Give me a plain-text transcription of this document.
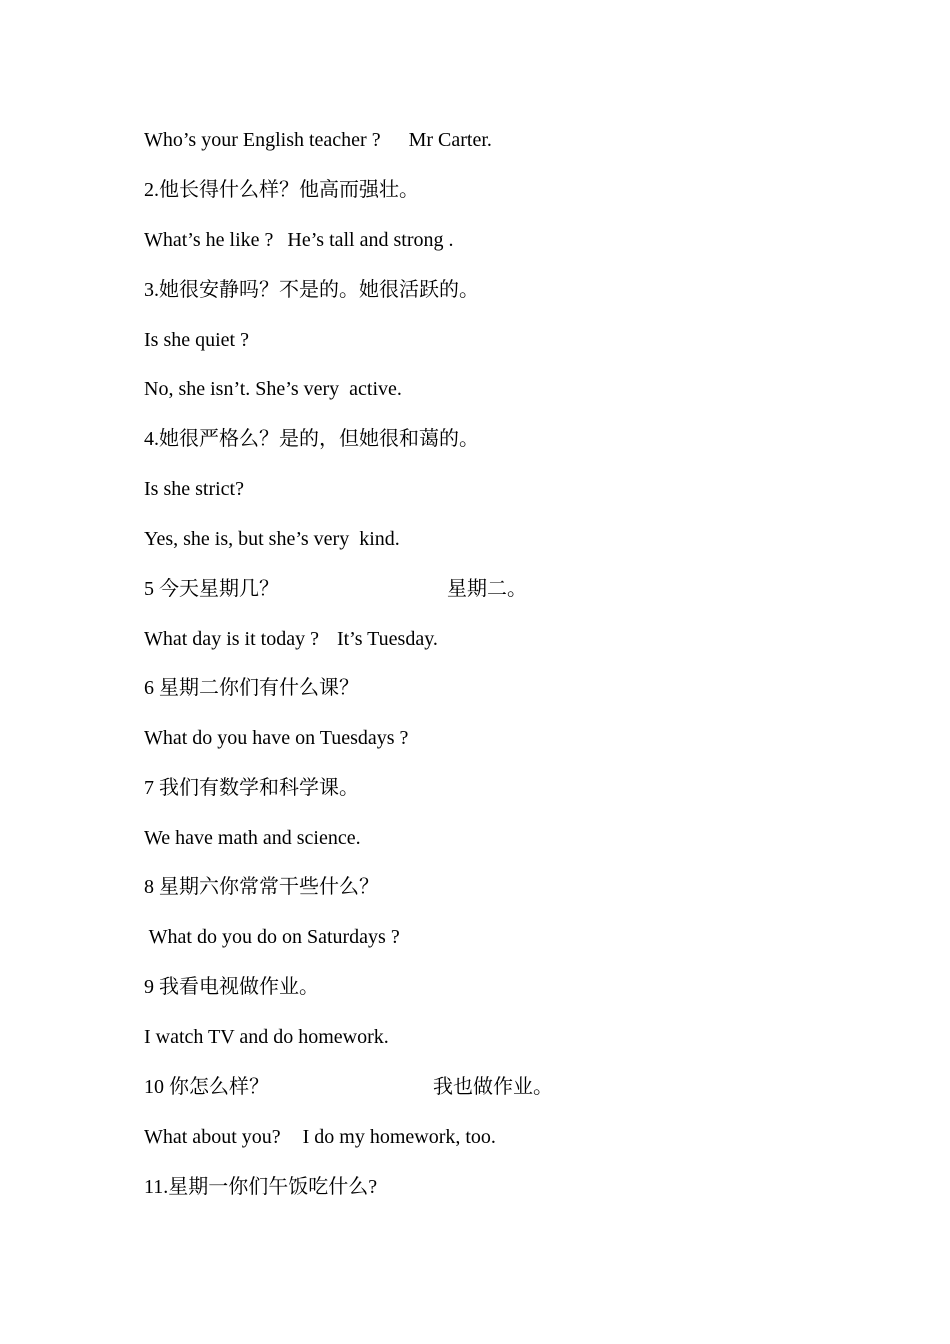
Who’s your English teacher ? Mr Carter.
2.他长得什么样？他高而强壮。
What’s he like ? He’s tall and strong .
3.她很安静吗？不是的。她很活跃的。
Is she quiet ?
No, she isn’t. She’s very  active.
4.她很严格么？是的，但她很和蔼的。
Is she strict?
Yes, she is, but she’s very  kind.
5 今天星期几？	星期二。
What day is it today ? It’s Tuesday.
6 星期二你们有什么课？
What do you have on Tuesdays ?
7 我们有数学和科学课。
We have math and science.
8 星期六你常常干些什么？
What do you do on Saturdays ?
9 我看电视做作业。
I watch TV and do homework.
10 你怎么样？	我也做作业。
What about you? I do my homework, too.
11.星期一你们午饭吃什么?
